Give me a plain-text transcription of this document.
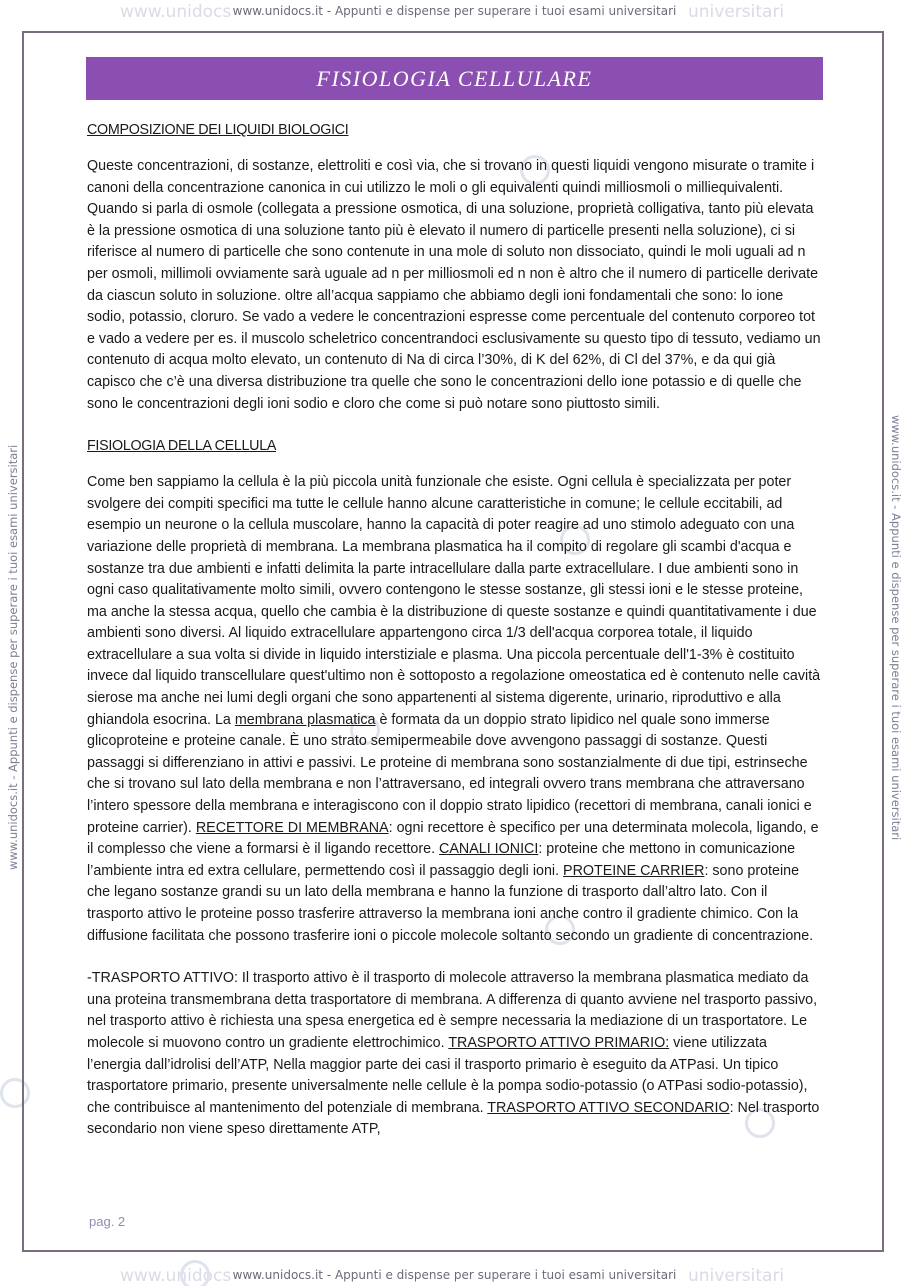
www.unidocs	universitari
www.unidocs	universitari
www.unidocs.it - Appunti e dispense per superare i tuoi esami universitari
www.unidocs.it - Appunti e dispense per superare i tuoi esami universitari
www.unidocs.it - Appunti e dispense per superare i tuoi esami universitari	www.unidocs.it - Appunti e dispense per superare i tuoi esami universitari
FISIOLOGIA CELLULARE
COMPOSIZIONE DEI LIQUIDI BIOLOGICI

Queste concentrazioni, di sostanze, elettroliti e così via, che si trovano in questi liquidi vengono misurate o tramite i canoni della concentrazione canonica in cui utilizzo le moli o gli equivalenti quindi milliosmoli o milliequivalenti. Quando si parla di osmole (collegata a pressione osmotica, di una soluzione, proprietà colligativa, tanto più elevata è la pressione osmotica di una soluzione tanto più è elevato il numero di particelle presenti nella soluzione), ci si riferisce al numero di particelle che sono contenute in una mole di soluto non dissociato, quindi le moli uguali ad n per osmoli, millimoli ovviamente sarà uguale ad n per milliosmoli ed n non è altro che il numero di particelle derivate da ciascun soluto in soluzione. oltre all’acqua sappiamo che abbiamo degli ioni fondamentali che sono: lo ione sodio, potassio, cloruro. Se vado a vedere le concentrazioni espresse come percentuale del contenuto corporeo tot e vado a vedere per es. il muscolo scheletrico concentrandoci esclusivamente su questo tipo di tessuto, vediamo un contenuto di acqua molto elevato, un contenuto di Na di circa l’30%, di K del 62%, di Cl del 37%, e da qui già capisco che c’è una diversa distribuzione tra quelle che sono le concentrazioni dello ione potassio e di quelle che sono le concentrazioni degli ioni sodio e cloro che come si può notare sono piuttosto simili.

FISIOLOGIA DELLA CELLULA

Come ben sappiamo la cellula è la più piccola unità funzionale che esiste. Ogni cellula è specializzata per poter svolgere dei compiti specifici ma tutte le cellule hanno alcune caratteristiche in comune; le cellule eccitabili, ad esempio un neurone o la cellula muscolare, hanno la capacità di poter reagire ad uno stimolo adeguato con una variazione delle proprietà di membrana. La membrana plasmatica ha il compito di regolare gli scambi d'acqua e sostanze tra due ambienti e infatti delimita la parte intracellulare dalla parte extracellulare. I due ambienti sono in ogni caso qualitativamente molto simili, ovvero contengono le stesse sostanze, gli stessi ioni e le stesse proteine, ma anche la stessa acqua, quello che cambia è la distribuzione di queste sostanze e quindi quantitativamente i due ambienti sono diversi. Al liquido extracellulare appartengono circa 1/3 dell'acqua corporea totale, il liquido extracellulare a sua volta si divide in liquido interstiziale e plasma. Una piccola percentuale dell'1-3% è costituito invece dal liquido transcellulare quest'ultimo non è sottoposto a regolazione omeostatica ed è contenuto nelle cavità sierose ma anche nei lumi degli organi che sono appartenenti al sistema digerente, urinario, riproduttivo e alla ghiandola esocrina. La membrana plasmatica è formata da un doppio strato lipidico nel quale sono immerse glicoproteine e proteine canale. È uno strato semipermeabile dove avvengono passaggi di sostanze. Questi passaggi si differenziano in attivi e passivi. Le proteine di membrana sono sostanzialmente di due tipi, estrinseche che si trovano sul lato della membrana e non l’attraversano, ed integrali ovvero trans membrana che attraversano l’intero spessore della membrana e interagiscono con il doppio strato lipidico (recettori di membrana, canali ionici e proteine carrier). RECETTORE DI MEMBRANA: ogni recettore è specifico per una determinata molecola, ligando, e il complesso che viene a formarsi è il ligando recettore. CANALI IONICI: proteine che mettono in comunicazione l’ambiente intra ed extra cellulare, permettendo così il passaggio degli ioni. PROTEINE CARRIER: sono proteine che legano sostanze grandi su un lato della membrana e hanno la funzione di trasporto dall’altro lato. Con il trasporto attivo le proteine posso trasferire attraverso la membrana ioni anche contro il gradiente chimico. Con la diffusione facilitata che possono trasferire ioni o piccole molecole soltanto secondo un gradiente di concentrazione.

-TRASPORTO ATTIVO: Il trasporto attivo è il trasporto di molecole attraverso la membrana plasmatica mediato da una proteina transmembrana detta trasportatore di membrana. A differenza di quanto avviene nel trasporto passivo, nel trasporto attivo è richiesta una spesa energetica ed è sempre necessaria la mediazione di un trasportatore. Le molecole si muovono contro un gradiente elettrochimico. TRASPORTO ATTIVO PRIMARIO: viene utilizzata l’energia dall’idrolisi dell’ATP, Nella maggior parte dei casi il trasporto primario è eseguito da ATPasi. Un tipico trasportatore primario, presente universalmente nelle cellule è la pompa sodio-potassio (o ATPasi sodio-potassio), che contribuisce al mantenimento del potenziale di membrana. TRASPORTO ATTIVO SECONDARIO: Nel trasporto secondario non viene speso direttamente ATP,

pag. 2
